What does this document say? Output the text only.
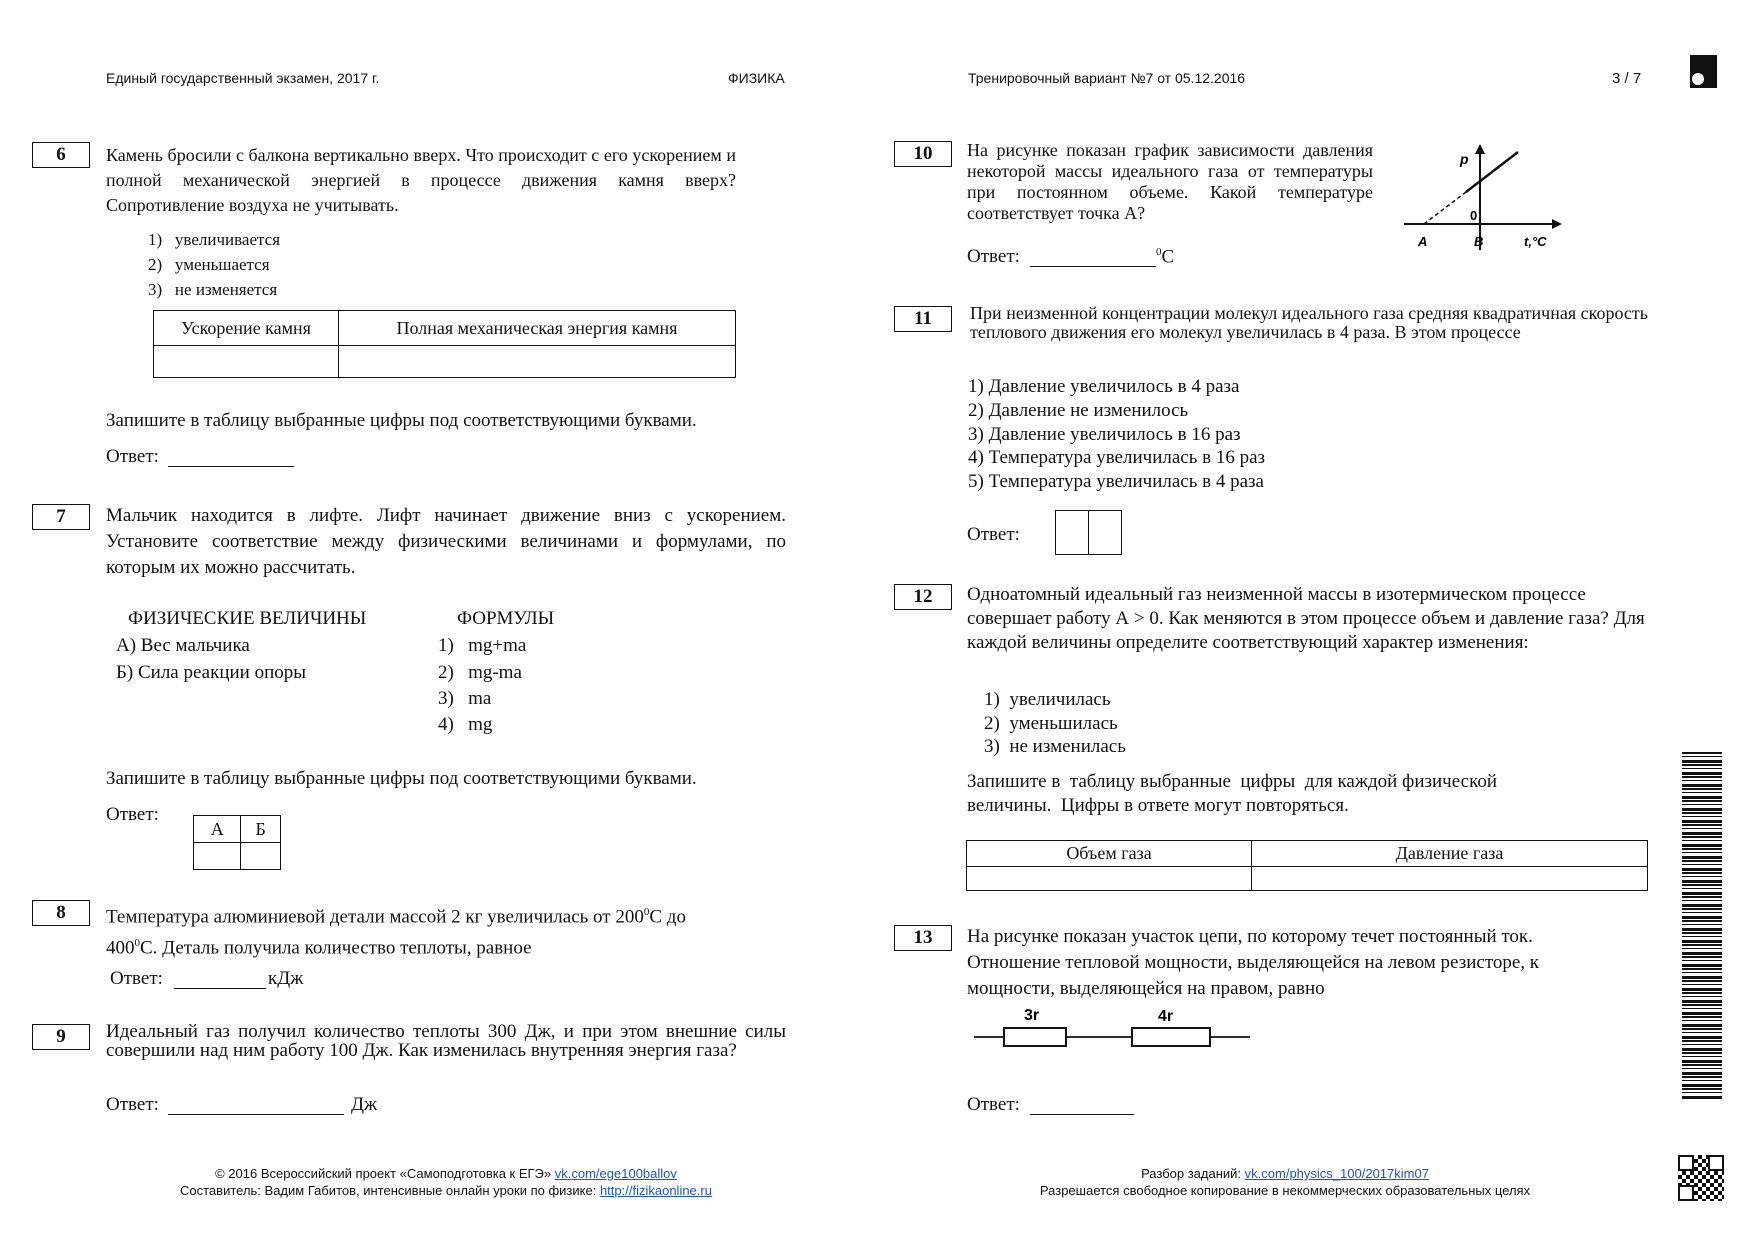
Единый государственный экзамен, 2017 г.	ФИЗИКА	Тренировочный вариант №7 от 05.12.2016	3 / 7
6	Камень бросили с балкона вертикально вверх. Что происходит с его ускорением и полной механической энергией в процессе движения камня вверх? Сопротивление воздуха не учитывать.
1) увеличивается
2) уменьшается
3) не изменяется
Ускорение камня	Полная механическая энергия камня

Запишите в таблицу выбранные цифры под соответствующими буквами.
Ответ:
7	Мальчик находится в лифте. Лифт начинает движение вниз с ускорением. Установите соответствие между физическими величинами и формулами, по которым их можно рассчитать.
ФИЗИЧЕСКИЕ ВЕЛИЧИНЫ	ФОРМУЛЫ
А) Вес мальчика
Б) Сила реакции опоры
1) mg+ma
2) mg-ma
3) ma
4) mg
Запишите в таблицу выбранные цифры под соответствующими буквами.
Ответ:
А	Б

8	Температура алюминиевой детали массой 2 кг увеличилась от $200^0С$ до
$400^0С$. Деталь получила количество теплоты, равное
Ответ:	кДж
9	Идеальный газ получил количество теплоты 300 Дж, и при этом внешние силы совершили над ним работу 100 Дж. Как изменилась внутренняя энергия газа?
Ответ:	Дж
10	На рисунке показан график зависимости давления некоторой массы идеального газа от температуры при постоянном объеме. Какой температуре соответствует точка А?
Ответ:	$^0$С
p
0
A	B	t,°C
11	При неизменной концентрации молекул идеального газа средняя квадратичная скорость теплового движения его молекул увеличилась в 4 раза. В этом процессе
1) Давление увеличилось в 4 раза
2) Давление не изменилось
3) Давление увеличилось в 16 раз
4) Температура увеличилась в 16 раз
5) Температура увеличилась в 4 раза
Ответ:

12	Одноатомный идеальный газ неизменной массы в изотермическом процессе совершает работу А > 0. Как меняются в этом процессе объем и давление газа? Для каждой величины определите соответствующий характер изменения:
1) увеличилась
2) уменьшилась
3) не изменилась
Запишите в  таблицу выбранные  цифры  для каждой физической величины.  Цифры в ответе могут повторяться.
Объем газа	Давление газа

13	На рисунке показан участок цепи, по которому течет постоянный ток. Отношение тепловой мощности, выделяющейся на левом резисторе, к мощности, выделяющейся на правом, равно
3r	4r
Ответ:
© 2016 Всероссийский проект «Самоподготовка к ЕГЭ» vk.com/ege100ballov
Составитель: Вадим Габитов, интенсивные онлайн уроки по физике: http://fizikaonline.ru
Разбор заданий: vk.com/physics_100/2017kim07
Разрешается свободное копирование в некоммерческих образовательных целях
